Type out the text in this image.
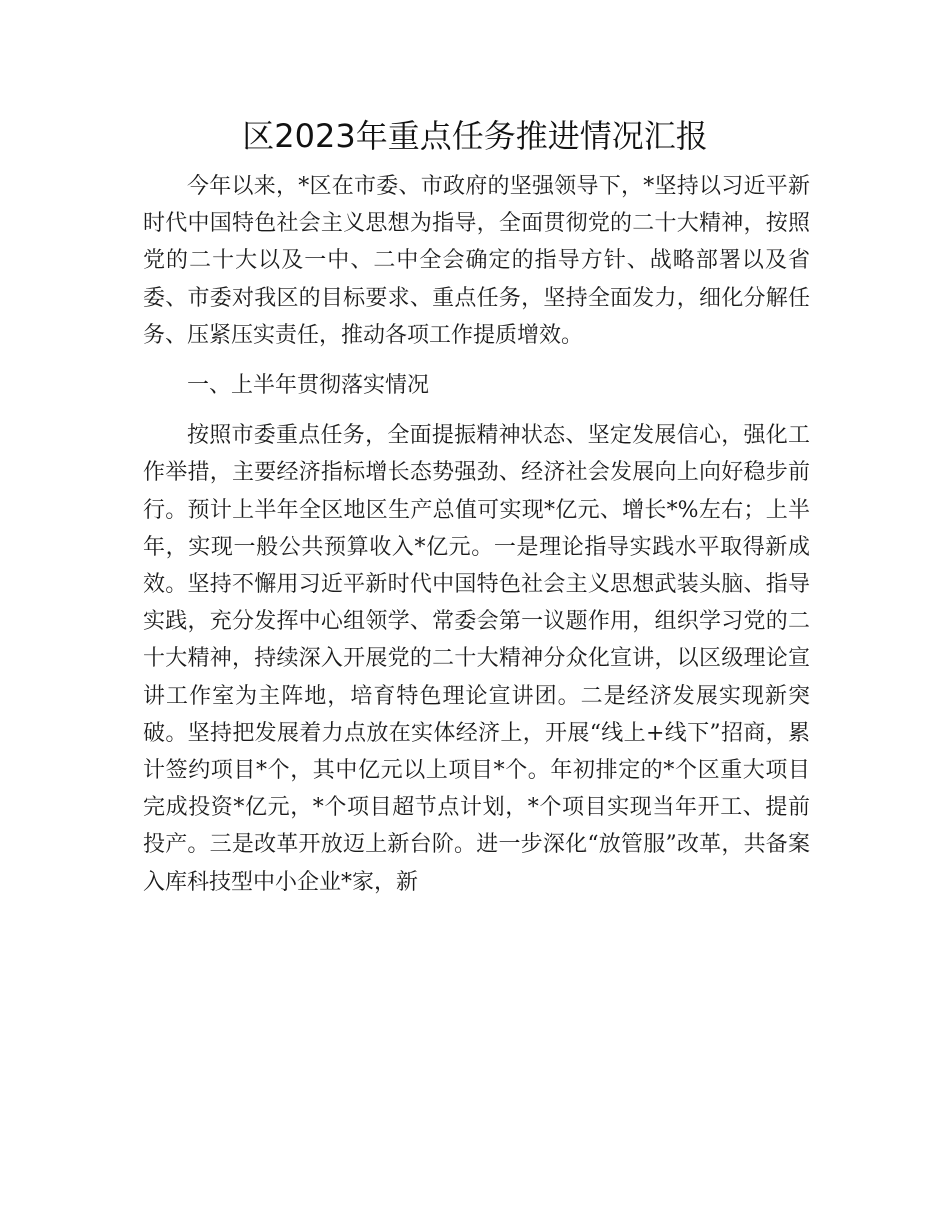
区2023年重点任务推进情况汇报

今年以来，*区在市委、市政府的坚强领导下，*坚持以习近平新时代中国特色社会主义思想为指导，全面贯彻党的二十大精神，按照党的二十大以及一中、二中全会确定的指导方针、战略部署以及省委、市委对我区的目标要求、重点任务，坚持全面发力，细化分解任务、压紧压实责任，推动各项工作提质增效。

一、上半年贯彻落实情况

按照市委重点任务，全面提振精神状态、坚定发展信心，强化工作举措，主要经济指标增长态势强劲、经济社会发展向上向好稳步前行。预计上半年全区地区生产总值可实现*亿元、增长*%左右；上半年，实现一般公共预算收入*亿元。一是理论指导实践水平取得新成效。坚持不懈用习近平新时代中国特色社会主义思想武装头脑、指导实践，充分发挥中心组领学、常委会第一议题作用，组织学习党的二十大精神，持续深入开展党的二十大精神分众化宣讲，以区级理论宣讲工作室为主阵地，培育特色理论宣讲团。二是经济发展实现新突破。坚持把发展着力点放在实体经济上，开展“线上+线下”招商，累计签约项目*个，其中亿元以上项目*个。年初排定的*个区重大项目完成投资*亿元，*个项目超节点计划，*个项目实现当年开工、提前投产。三是改革开放迈上新台阶。进一步深化“放管服”改革，共备案入库科技型中小企业*家，新
